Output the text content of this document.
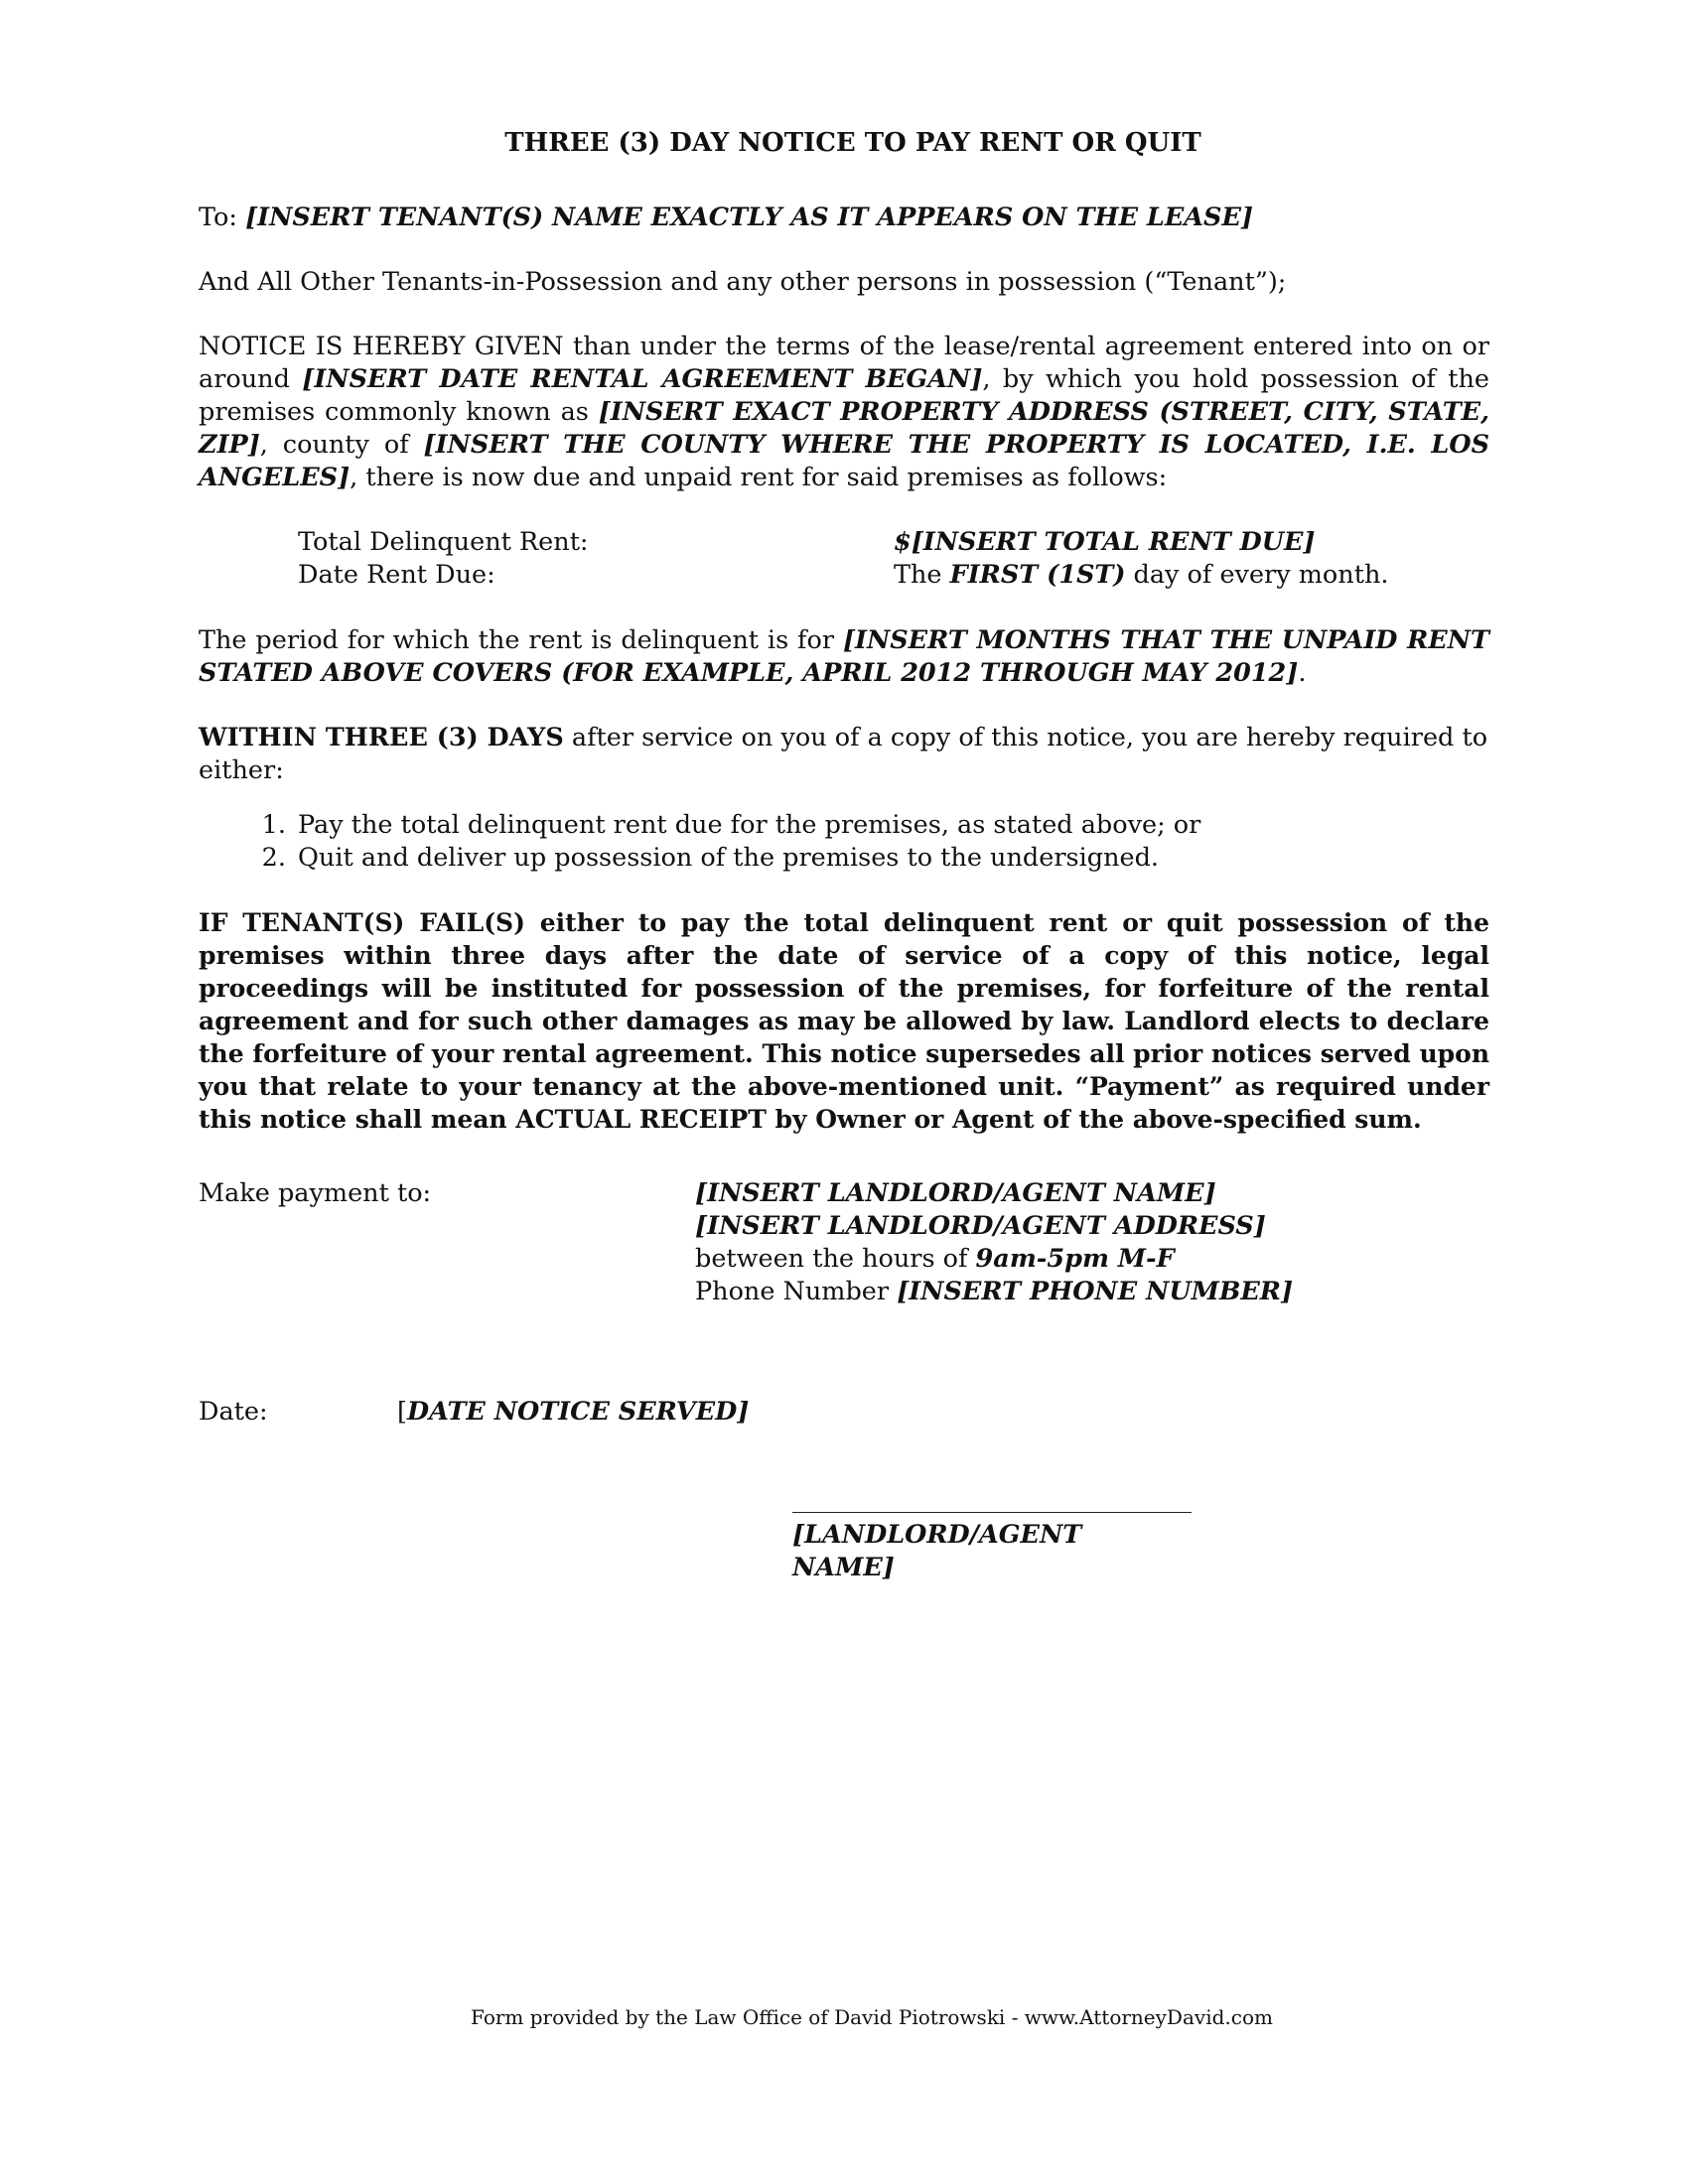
THREE (3) DAY NOTICE TO PAY RENT OR QUIT

To: [INSERT TENANT(S) NAME EXACTLY AS IT APPEARS ON THE LEASE]

And All Other Tenants-in-Possession and any other persons in possession (“Tenant”);

NOTICE IS HEREBY GIVEN than under the terms of the lease/rental agreement entered into on or around [INSERT DATE RENTAL AGREEMENT BEGAN], by which you hold possession of the premises commonly known as [INSERT EXACT PROPERTY ADDRESS (STREET, CITY, STATE, ZIP], county of [INSERT THE COUNTY WHERE THE PROPERTY IS LOCATED, I.E. LOS ANGELES], there is now due and unpaid rent for said premises as follows:

Total Delinquent Rent:	$[INSERT TOTAL RENT DUE]
Date Rent Due:	The FIRST (1ST) day of every month.

The period for which the rent is delinquent is for [INSERT MONTHS THAT THE UNPAID RENT STATED ABOVE COVERS (FOR EXAMPLE, APRIL 2012 THROUGH MAY 2012].

WITHIN THREE (3) DAYS after service on you of a copy of this notice, you are hereby required to either:

1. Pay the total delinquent rent due for the premises, as stated above; or
2. Quit and deliver up possession of the premises to the undersigned.

IF TENANT(S) FAIL(S) either to pay the total delinquent rent or quit possession of the premises within three days after the date of service of a copy of this notice, legal proceedings will be instituted for possession of the premises, for forfeiture of the rental agreement and for such other damages as may be allowed by law. Landlord elects to declare the forfeiture of your rental agreement. This notice supersedes all prior notices served upon you that relate to your tenancy at the above-mentioned unit. “Payment” as required under this notice shall mean ACTUAL RECEIPT by Owner or Agent of the above-specified sum.

Make payment to:	[INSERT LANDLORD/AGENT NAME]
[INSERT LANDLORD/AGENT ADDRESS]
between the hours of 9am-5pm M-F
Phone Number [INSERT PHONE NUMBER]
Date:	[DATE NOTICE SERVED]
[LANDLORD/AGENT NAME]
Form provided by the Law Office of David Piotrowski - www.AttorneyDavid.com
